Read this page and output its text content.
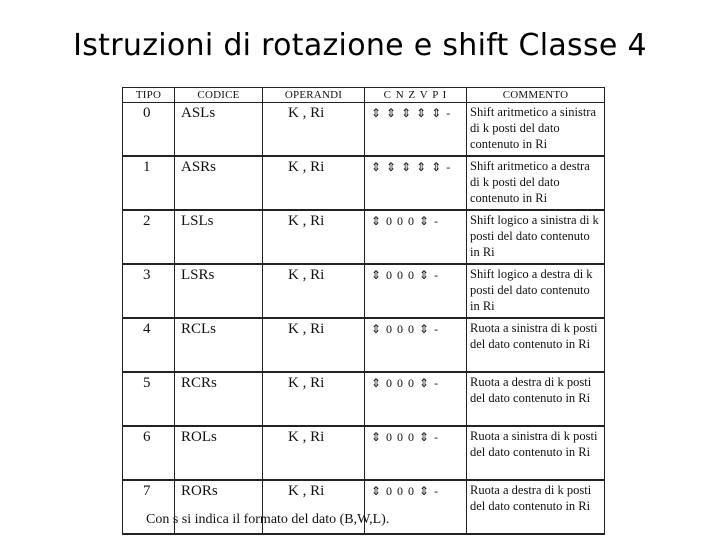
Istruzioni di rotazione e shift Classe 4
TIPO	CODICE	OPERANDI	C N Z V P I	COMMENTO
0	ASLs	K , Ri	⇕ ⇕ ⇕ ⇕ ⇕ -	Shift aritmetico a sinistra di k posti del dato contenuto in Ri
1	ASRs	K , Ri	⇕ ⇕ ⇕ ⇕ ⇕ -	Shift aritmetico a destra di k posti del dato contenuto in Ri
2	LSLs	K , Ri	⇕ 0 0 0 ⇕ -	Shift logico a sinistra di k posti del dato contenuto in Ri
3	LSRs	K , Ri	⇕ 0 0 0 ⇕ -	Shift logico a destra di k posti del dato contenuto in Ri
4	RCLs	K , Ri	⇕ 0 0 0 ⇕ -	Ruota a sinistra di k posti del dato contenuto in Ri
5	RCRs	K , Ri	⇕ 0 0 0 ⇕ -	Ruota a destra di k posti del dato contenuto in Ri
6	ROLs	K , Ri	⇕ 0 0 0 ⇕ -	Ruota a sinistra di k posti del dato contenuto in Ri
7	RORs	K , Ri	⇕ 0 0 0 ⇕ -	Ruota a destra di k posti del dato contenuto in Ri
Con s si indica il formato del dato (B,W,L).
